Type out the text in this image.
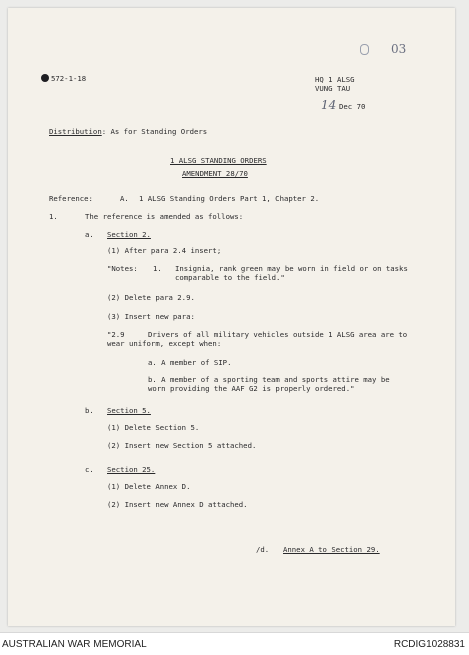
03
572-1-18	HQ 1 ALSG
VUNG TAU
14 Dec 70
Distribution: As for Standing Orders
1 ALSG STANDING ORDERS
AMENDMENT 28/70
Reference:	A. 1 ALSG Standing Orders Part 1, Chapter 2.
1.	The reference is amended as follows:
a. Section 2.
(1) After para 2.4 insert;
"Notes: 1. Insignia, rank green may be worn in field or on tasks
comparable to the field."
(2) Delete para 2.9.
(3) Insert new para:
"2.9	Drivers of all military vehicles outside 1 ALSG area are to
wear uniform, except when:
a. A member of SIP.
b. A member of a sporting team and sports attire may be
worn providing the AAF G2 is properly ordered."
b. Section 5.
(1) Delete Section 5.
(2) Insert new Section 5 attached.
c. Section 25.
(1) Delete Annex D.
(2) Insert new Annex D attached.
/d. Annex A to Section 29.
AUSTRALIAN WAR MEMORIAL	RCDIG1028831
